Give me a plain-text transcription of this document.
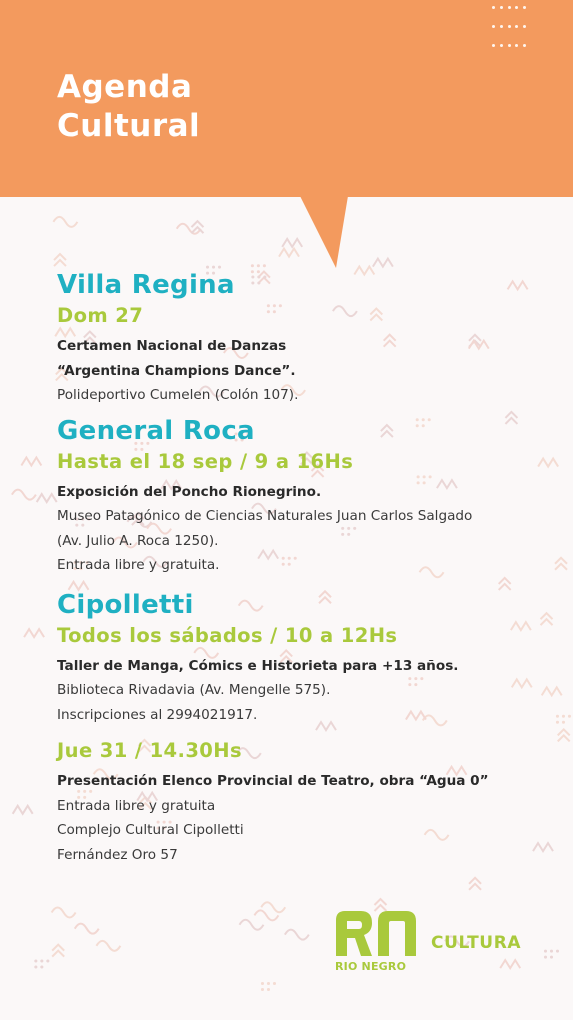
Agenda
Cultural

Villa Regina

Dom 27

Certamen Nacional de Danzas

“Argentina Champions Dance”.

Polideportivo Cumelen (Colón 107).

General Roca

Hasta el 18 sep / 9 a 16Hs

Exposición del Poncho Rionegrino.

Museo Patagónico de Ciencias Naturales Juan Carlos Salgado

(Av. Julio A. Roca 1250).

Entrada libre y gratuita.

Cipolletti

Todos los sábados / 10 a 12Hs

Taller de Manga, Cómics e Historieta para +13 años.

Biblioteca Rivadavia (Av. Mengelle 575).

Inscripciones al 2994021917.

Jue 31 / 14.30Hs

Presentación Elenco Provincial de Teatro, obra “Agua 0”

Entrada libre y gratuita

Complejo Cultural Cipolletti

Fernández Oro 57

RIO NEGRO
CULTURA
